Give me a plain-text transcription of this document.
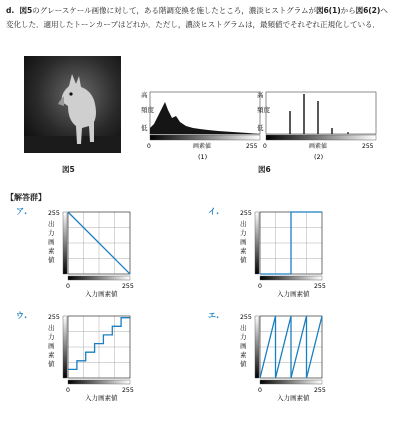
d. 図5のグレースケール画像に対して，ある階調変換を施したところ，濃淡ヒストグラムが図6(1)から図6(2)へ変化した．適用したトーンカーブはどれか．ただし，濃淡ヒストグラムは，最頻値でそれぞれ正規化している．
図5
高
頻度
低
0	画素値	255
(1)
高
頻度
低
0	画素値	255
(2)
図6
【解答群】
ア.
出
力
画
素
値
255
0	255
入力画素値
イ.
出
力
画
素
値
255
0	255
入力画素値
ウ.
出
力
画
素
値
255
0	255
入力画素値
エ.
出
力
画
素
値
255
0	255
入力画素値
